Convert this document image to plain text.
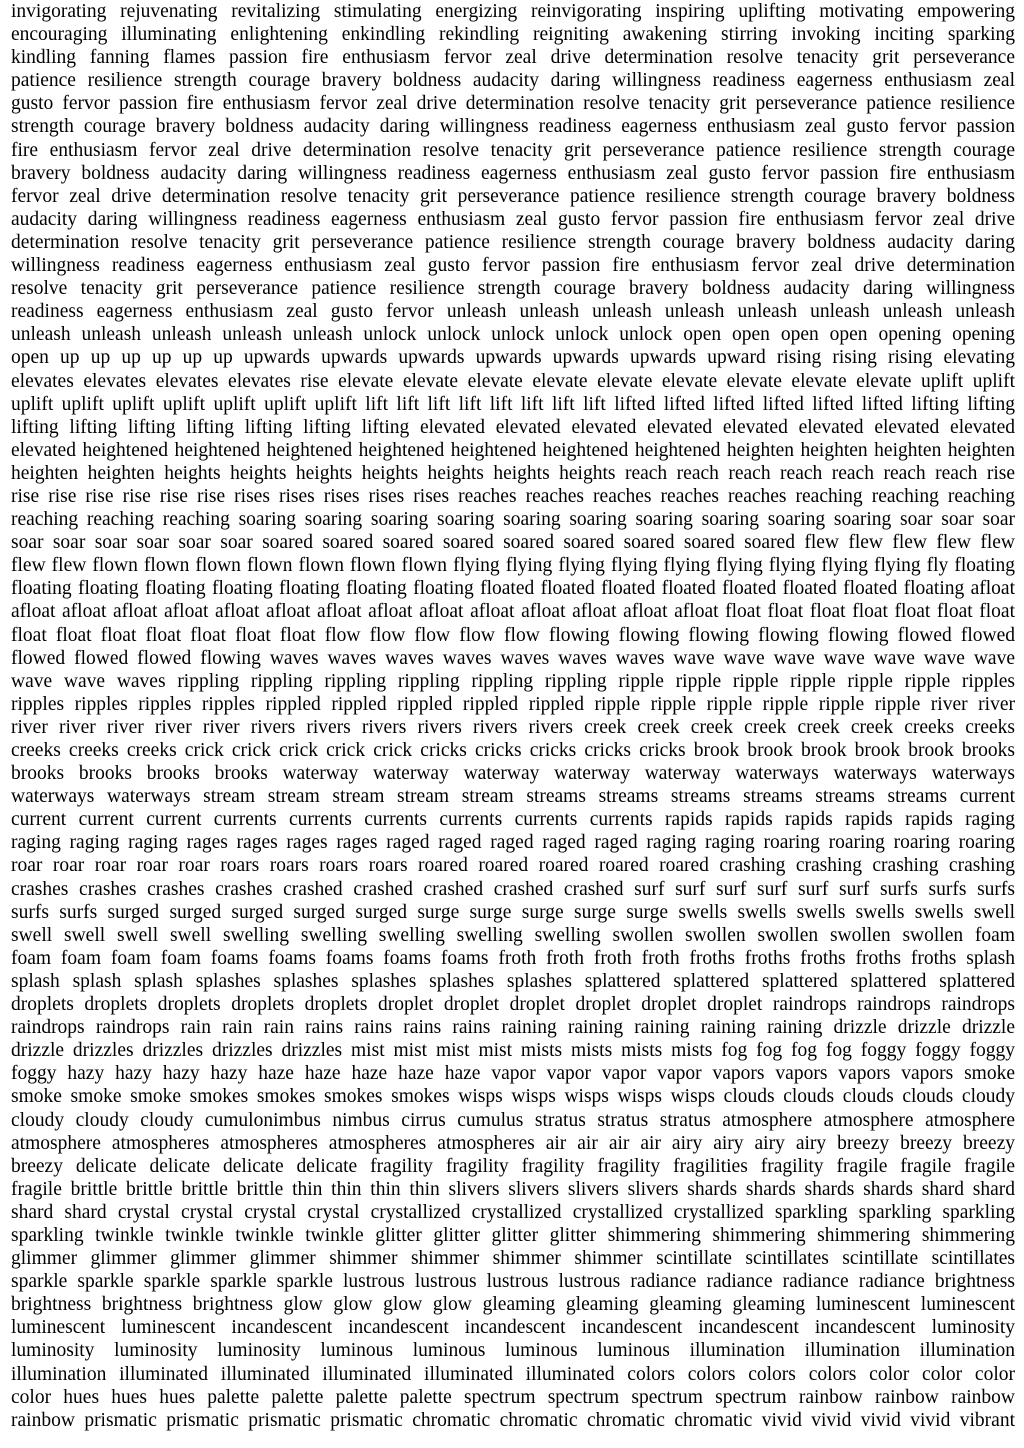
invigorating rejuvenating revitalizing stimulating energizing reinvigorating inspiring uplifting motivating empowering
encouraging illuminating enlightening enkindling rekindling reigniting awakening stirring invoking inciting sparking
kindling fanning flames passion fire enthusiasm fervor zeal drive determination resolve tenacity grit perseverance
patience resilience strength courage bravery boldness audacity daring willingness readiness eagerness enthusiasm zeal
gusto fervor passion fire enthusiasm fervor zeal drive determination resolve tenacity grit perseverance patience resilience
strength courage bravery boldness audacity daring willingness readiness eagerness enthusiasm zeal gusto fervor passion
fire enthusiasm fervor zeal drive determination resolve tenacity grit perseverance patience resilience strength courage
bravery boldness audacity daring willingness readiness eagerness enthusiasm zeal gusto fervor passion fire enthusiasm
fervor zeal drive determination resolve tenacity grit perseverance patience resilience strength courage bravery boldness
audacity daring willingness readiness eagerness enthusiasm zeal gusto fervor passion fire enthusiasm fervor zeal drive
determination resolve tenacity grit perseverance patience resilience strength courage bravery boldness audacity daring
willingness readiness eagerness enthusiasm zeal gusto fervor passion fire enthusiasm fervor zeal drive determination
resolve tenacity grit perseverance patience resilience strength courage bravery boldness audacity daring willingness
readiness eagerness enthusiasm zeal gusto fervor unleash unleash unleash unleash unleash unleash unleash unleash
unleash unleash unleash unleash unleash unlock unlock unlock unlock unlock open open open open opening opening
open up up up up up up upwards upwards upwards upwards upwards upwards upward rising rising rising elevating
elevates elevates elevates elevates rise elevate elevate elevate elevate elevate elevate elevate elevate elevate uplift uplift
uplift uplift uplift uplift uplift uplift uplift lift lift lift lift lift lift lift lift lifted lifted lifted lifted lifted lifted lifting lifting
lifting lifting lifting lifting lifting lifting lifting elevated elevated elevated elevated elevated elevated elevated elevated
elevated heightened heightened heightened heightened heightened heightened heightened heighten heighten heighten heighten
heighten heighten heights heights heights heights heights heights heights reach reach reach reach reach reach reach rise
rise rise rise rise rise rise rises rises rises rises rises reaches reaches reaches reaches reaches reaching reaching reaching
reaching reaching reaching soaring soaring soaring soaring soaring soaring soaring soaring soaring soaring soar soar soar
soar soar soar soar soar soar soared soared soared soared soared soared soared soared soared flew flew flew flew flew
flew flew flown flown flown flown flown flown flown flying flying flying flying flying flying flying flying flying fly floating
floating floating floating floating floating floating floating floated floated floated floated floated floated floated floating afloat
afloat afloat afloat afloat afloat afloat afloat afloat afloat afloat afloat afloat afloat afloat float float float float float float float
float float float float float float float flow flow flow flow flow flowing flowing flowing flowing flowing flowed flowed
flowed flowed flowed flowing waves waves waves waves waves waves waves wave wave wave wave wave wave wave
wave wave waves rippling rippling rippling rippling rippling rippling ripple ripple ripple ripple ripple ripple ripples
ripples ripples ripples ripples rippled rippled rippled rippled rippled ripple ripple ripple ripple ripple ripple river river
river river river river river rivers rivers rivers rivers rivers rivers creek creek creek creek creek creek creeks creeks
creeks creeks creeks crick crick crick crick crick cricks cricks cricks cricks cricks brook brook brook brook brook brooks
brooks brooks brooks brooks waterway waterway waterway waterway waterway waterways waterways waterways
waterways waterways stream stream stream stream stream streams streams streams streams streams streams current
current current current currents currents currents currents currents currents rapids rapids rapids rapids rapids raging
raging raging raging rages rages rages rages raged raged raged raged raged raging raging roaring roaring roaring roaring
roar roar roar roar roar roars roars roars roars roared roared roared roared roared crashing crashing crashing crashing
crashes crashes crashes crashes crashed crashed crashed crashed crashed surf surf surf surf surf surf surfs surfs surfs
surfs surfs surged surged surged surged surged surge surge surge surge surge swells swells swells swells swells swell
swell swell swell swell swelling swelling swelling swelling swelling swollen swollen swollen swollen swollen foam
foam foam foam foam foams foams foams foams foams froth froth froth froth froths froths froths froths froths splash
splash splash splash splashes splashes splashes splashes splashes splattered splattered splattered splattered splattered
droplets droplets droplets droplets droplets droplet droplet droplet droplet droplet droplet raindrops raindrops raindrops
raindrops raindrops rain rain rain rains rains rains rains raining raining raining raining raining drizzle drizzle drizzle
drizzle drizzles drizzles drizzles drizzles mist mist mist mist mists mists mists mists fog fog fog fog foggy foggy foggy
foggy hazy hazy hazy hazy haze haze haze haze haze vapor vapor vapor vapor vapors vapors vapors vapors smoke
smoke smoke smoke smokes smokes smokes smokes wisps wisps wisps wisps wisps clouds clouds clouds clouds cloudy
cloudy cloudy cloudy cumulonimbus nimbus cirrus cumulus stratus stratus stratus atmosphere atmosphere atmosphere
atmosphere atmospheres atmospheres atmospheres atmospheres air air air air airy airy airy airy breezy breezy breezy
breezy delicate delicate delicate delicate fragility fragility fragility fragility fragilities fragility fragile fragile fragile
fragile brittle brittle brittle brittle thin thin thin thin slivers slivers slivers slivers shards shards shards shards shard shard
shard shard crystal crystal crystal crystal crystallized crystallized crystallized crystallized sparkling sparkling sparkling
sparkling twinkle twinkle twinkle twinkle glitter glitter glitter glitter shimmering shimmering shimmering shimmering
glimmer glimmer glimmer glimmer shimmer shimmer shimmer shimmer scintillate scintillates scintillate scintillates
sparkle sparkle sparkle sparkle sparkle lustrous lustrous lustrous lustrous radiance radiance radiance radiance brightness
brightness brightness brightness glow glow glow glow gleaming gleaming gleaming gleaming luminescent luminescent
luminescent luminescent incandescent incandescent incandescent incandescent incandescent incandescent luminosity
luminosity luminosity luminosity luminous luminous luminous luminous illumination illumination illumination
illumination illuminated illuminated illuminated illuminated illuminated colors colors colors colors color color color
color hues hues hues palette palette palette palette spectrum spectrum spectrum spectrum rainbow rainbow rainbow
rainbow prismatic prismatic prismatic prismatic chromatic chromatic chromatic chromatic vivid vivid vivid vivid vibrant
